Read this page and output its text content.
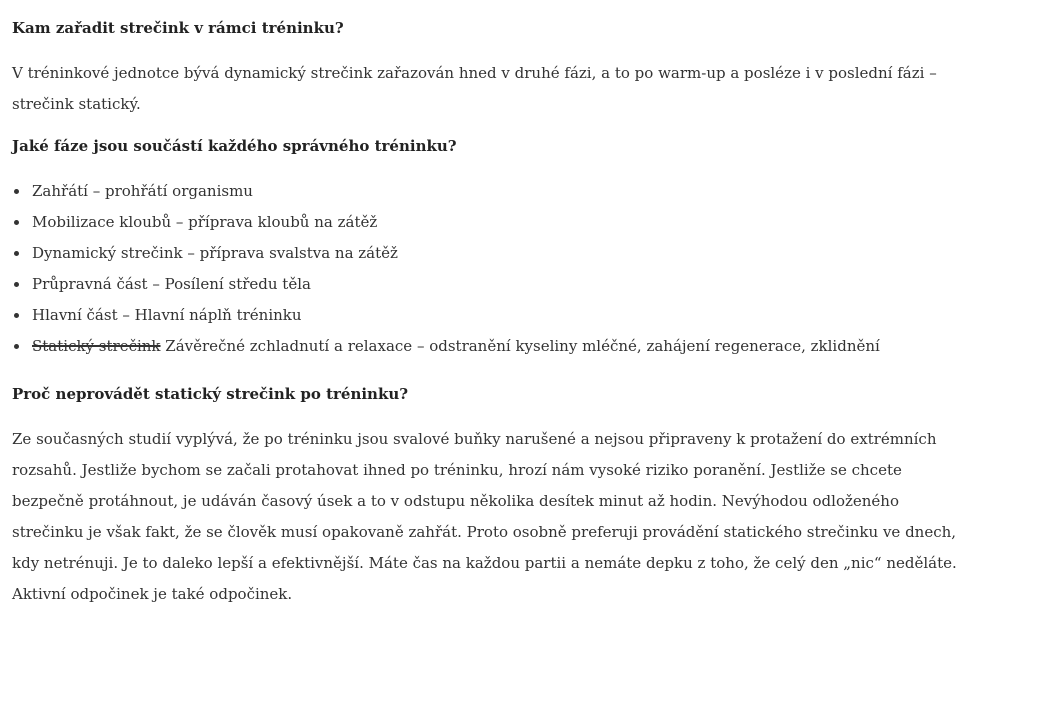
Kam zařadit strečink v rámci tréninku?

V tréninkové jednotce bývá dynamický strečink zařazován hned v druhé fázi, a to po warm-up a posléze i v poslední fázi – strečink statický.

Jaké fáze jsou součástí každého správného tréninku?
Zahřátí – prohřátí organismu
Mobilizace kloubů – příprava kloubů na zátěž
Dynamický strečink – příprava svalstva na zátěž
Průpravná část – Posílení středu těla
Hlavní část – Hlavní náplň tréninku
Statický strečink Závěrečné zchladnutí a relaxace – odstranění kyseliny mléčné, zahájení regenerace, zklidnění
Proč neprovádět statický strečink po tréninku?

Ze současných studií vyplývá, že po tréninku jsou svalové buňky narušené a nejsou připraveny k protažení do extrémních rozsahů. Jestliže bychom se začali protahovat ihned po tréninku, hrozí nám vysoké riziko poranění. Jestliže se chcete bezpečně protáhnout, je udáván časový úsek a to v odstupu několika desítek minut až hodin. Nevýhodou odloženého strečinku je však fakt, že se člověk musí opakovaně zahřát. Proto osobně preferuji provádění statického strečinku ve dnech, kdy netrénuji. Je to daleko lepší a efektivnější. Máte čas na každou partii a nemáte depku z toho, že celý den „nic“ neděláte. Aktivní odpočinek je také odpočinek.
